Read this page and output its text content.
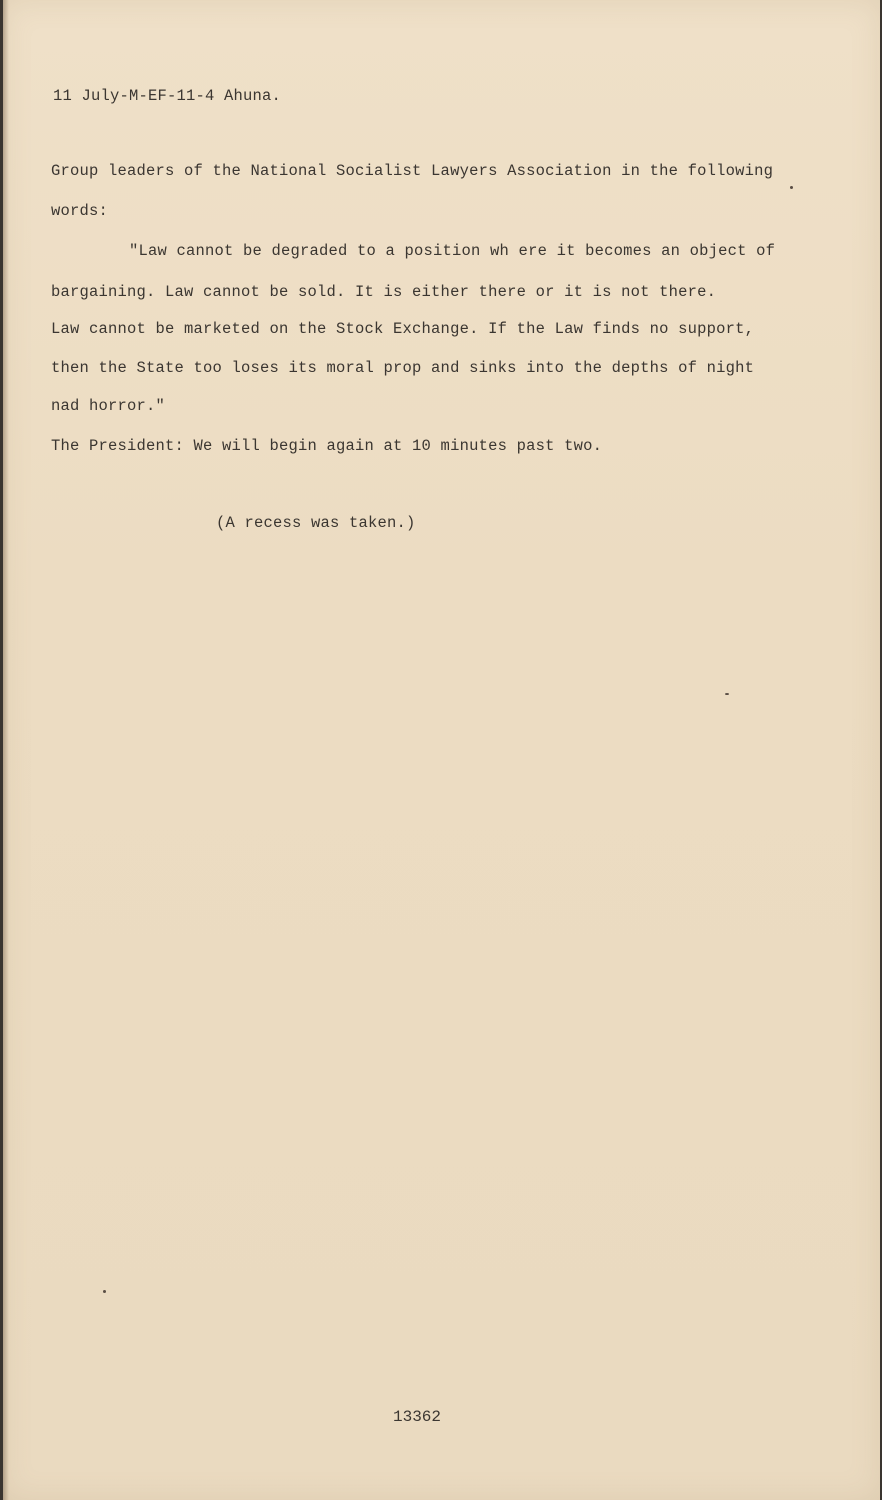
11 July-M-EF-11-4 Ahuna.
Group leaders of the National Socialist Lawyers Association in the following
words:
"Law cannot be degraded to a position wh ere it becomes an object of
bargaining. Law cannot be sold. It is either there or it is not there.
Law cannot be marketed on the Stock Exchange. If the Law finds no support,
then the State too loses its moral prop and sinks into the depths of night
nad horror."
The President: We will begin again at 10 minutes past two.
(A recess was taken.)
13362
